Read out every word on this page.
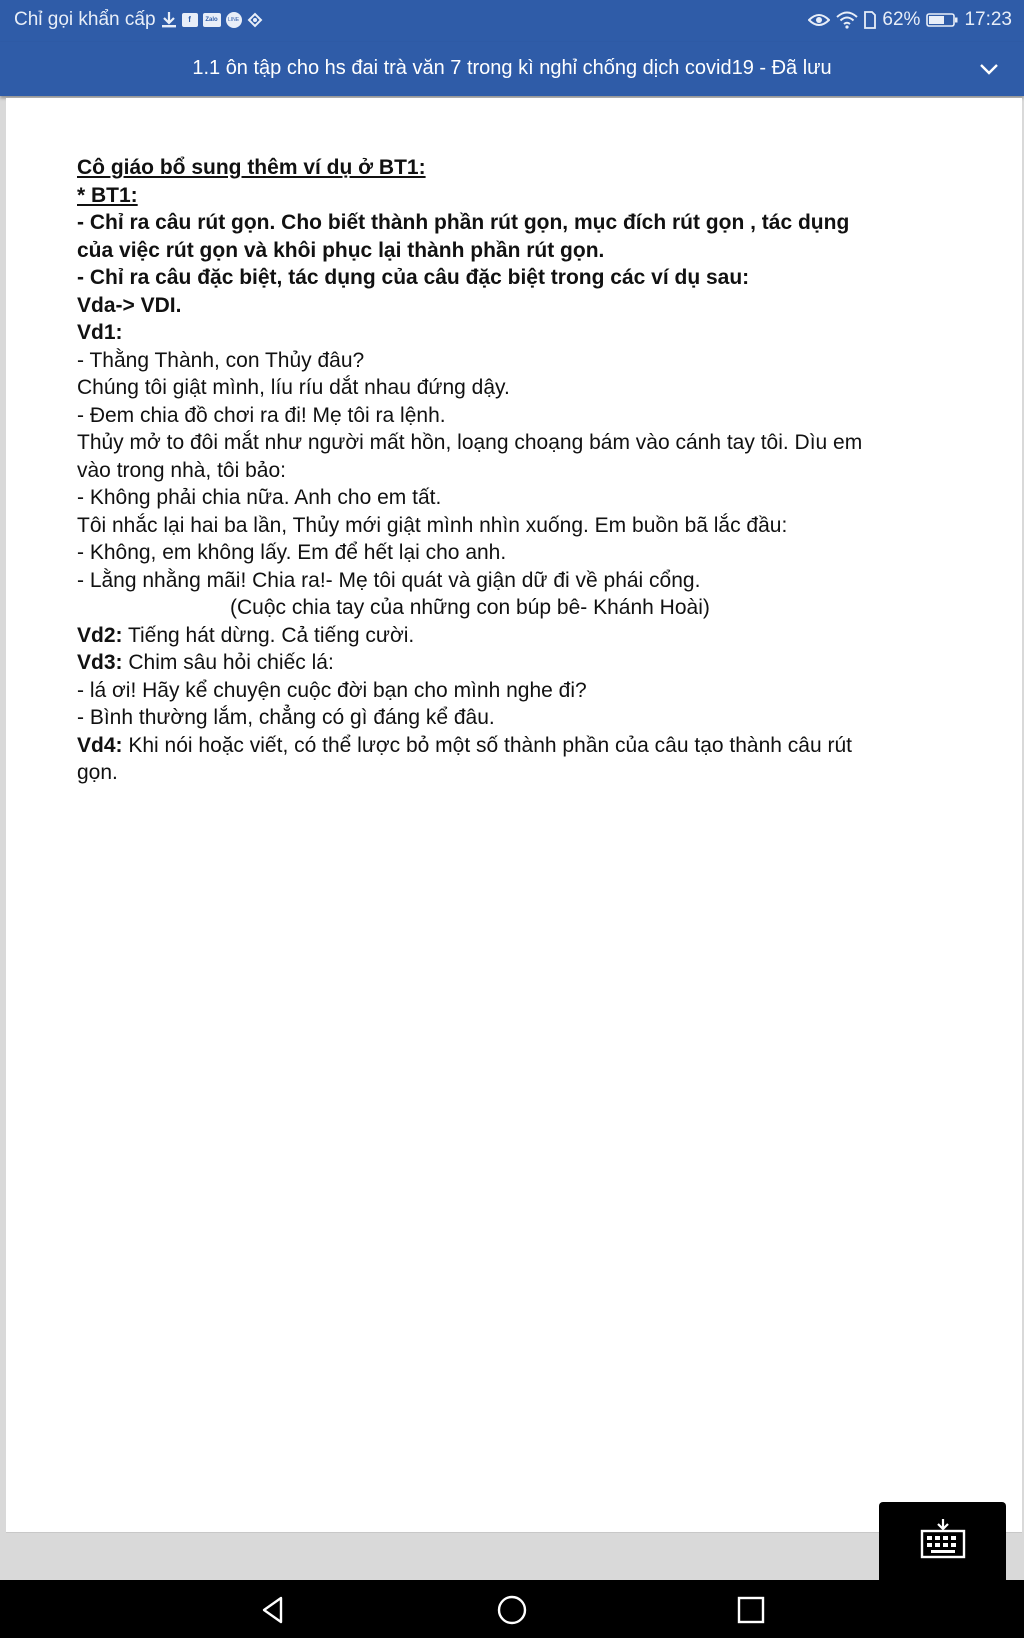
Chỉ gọi khẩn cấp	f	Zalo	LINE	62% 17:23
1.1 ôn tập cho hs đai trà văn 7 trong kì nghỉ chống dịch covid19 - Đã lưu

Cô giáo bổ sung thêm ví dụ ở BT1:

* BT1:

- Chỉ ra câu rút gọn. Cho biết thành phần rút gọn, mục đích rút gọn , tác dụng

của việc rút gọn và khôi phục lại thành phần rút gọn.

- Chỉ ra câu đặc biệt, tác dụng của câu đặc biệt trong các ví dụ sau:

Vda-> VDI.

Vd1:

- Thằng Thành, con Thủy đâu?

Chúng tôi giật mình, líu ríu dắt nhau đứng dậy.

- Đem chia đồ chơi ra đi! Mẹ tôi ra lệnh.

Thủy mở to đôi mắt như người mất hồn, loạng choạng bám vào cánh tay tôi. Dìu em

vào trong nhà, tôi bảo:

- Không phải chia nữa. Anh cho em tất.

Tôi nhắc lại hai ba lần, Thủy mới giật mình nhìn xuống. Em buồn bã lắc đầu:

- Không, em không lấy. Em để hết lại cho anh.

- Lằng nhằng mãi! Chia ra!- Mẹ tôi quát và giận dữ đi về phái cổng.

(Cuộc chia tay của những con búp bê- Khánh Hoài)

Vd2: Tiếng hát dừng. Cả tiếng cười.

Vd3: Chim sâu hỏi chiếc lá:

- lá ơi! Hãy kể chuyện cuộc đời bạn cho mình nghe đi?

- Bình thường lắm, chẳng có gì đáng kể đâu.

Vd4: Khi nói hoặc viết, có thể lược bỏ một số thành phần của câu tạo thành câu rút

gọn.
